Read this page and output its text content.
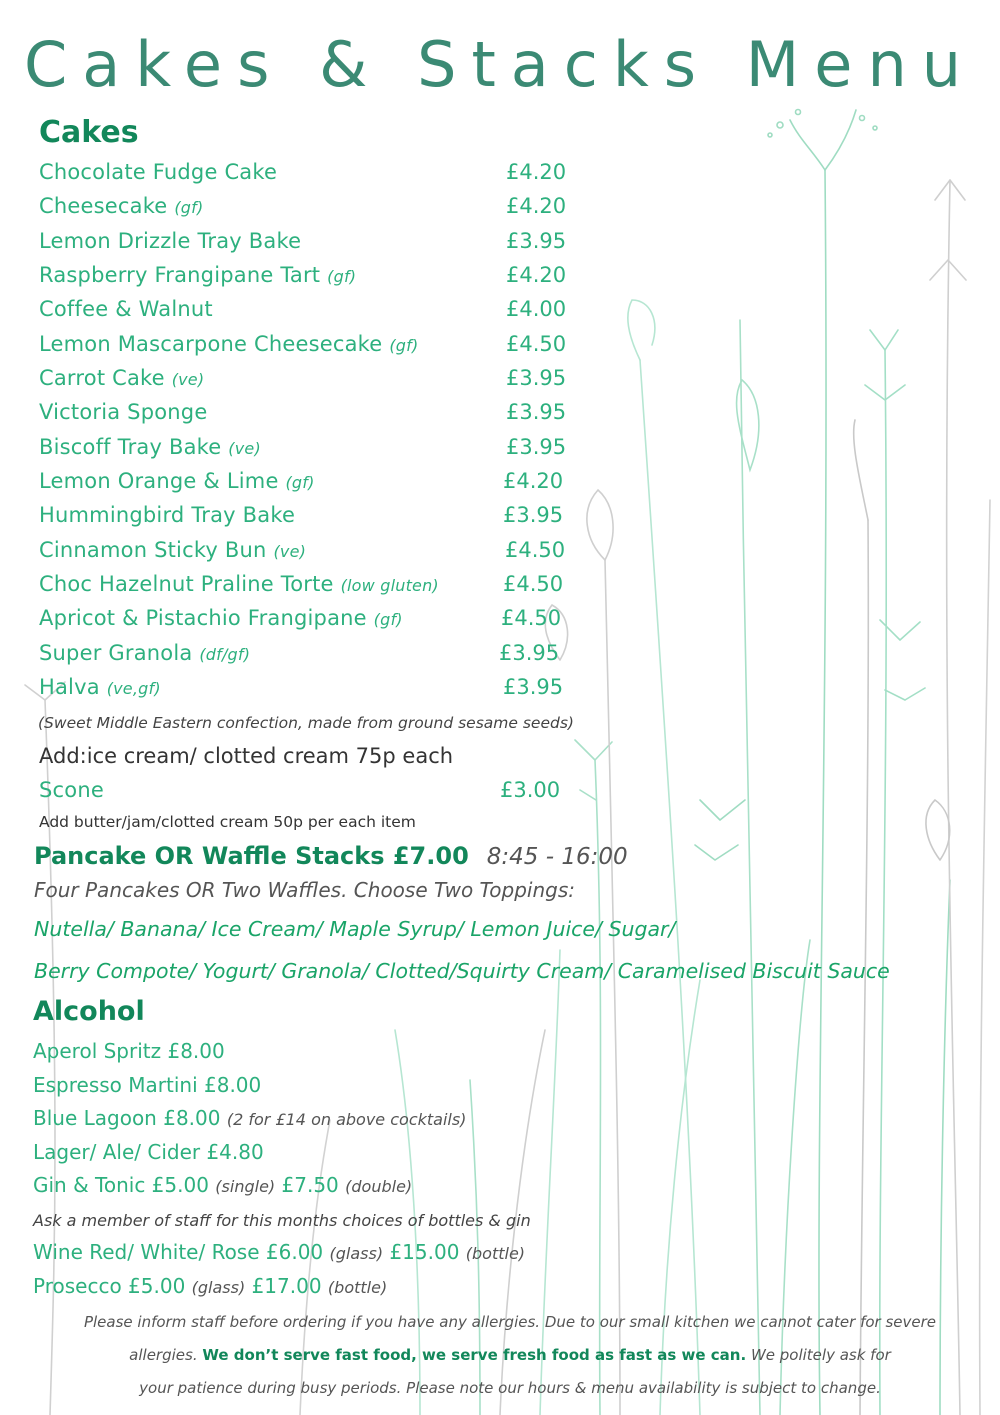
Cakes & Stacks Menu
Cakes
Chocolate Fudge Cake	£4.20
Cheesecake (gf)	£4.20
Lemon Drizzle Tray Bake	£3.95
Raspberry Frangipane Tart (gf)	£4.20
Coffee & Walnut	£4.00
Lemon Mascarpone Cheesecake (gf)	£4.50
Carrot Cake (ve)	£3.95
Victoria Sponge	£3.95
Biscoff Tray Bake (ve)	£3.95
Lemon Orange & Lime (gf)	£4.20
Hummingbird Tray Bake	£3.95
Cinnamon Sticky Bun (ve)	£4.50
Choc Hazelnut Praline Torte (low gluten)	£4.50
Apricot & Pistachio Frangipane (gf)	£4.50
Super Granola (df/gf)	£3.95
Halva (ve,gf)	£3.95
(Sweet Middle Eastern confection, made from ground sesame seeds)
Add:ice cream/ clotted cream 75p each
Scone	£3.00
Add butter/jam/clotted cream 50p per each item
Pancake OR Waffle Stacks £7.00 8:45 - 16:00
Four Pancakes OR Two Waffles. Choose Two Toppings:
Nutella/ Banana/ Ice Cream/ Maple Syrup/ Lemon Juice/ Sugar/
Berry Compote/ Yogurt/ Granola/ Clotted/Squirty Cream/ Caramelised Biscuit Sauce
Alcohol
Aperol Spritz £8.00
Espresso Martini £8.00
Blue Lagoon £8.00 (2 for £14 on above cocktails)
Lager/ Ale/ Cider £4.80
Gin & Tonic £5.00 (single) £7.50 (double)
Ask a member of staff for this months choices of bottles & gin
Wine Red/ White/ Rose £6.00 (glass) £15.00 (bottle)
Prosecco £5.00 (glass) £17.00 (bottle)
Please inform staff before ordering if you have any allergies. Due to our small kitchen we cannot cater for severe
allergies. We don’t serve fast food, we serve fresh food as fast as we can. We politely ask for
your patience during busy periods. Please note our hours & menu availability is subject to change.
